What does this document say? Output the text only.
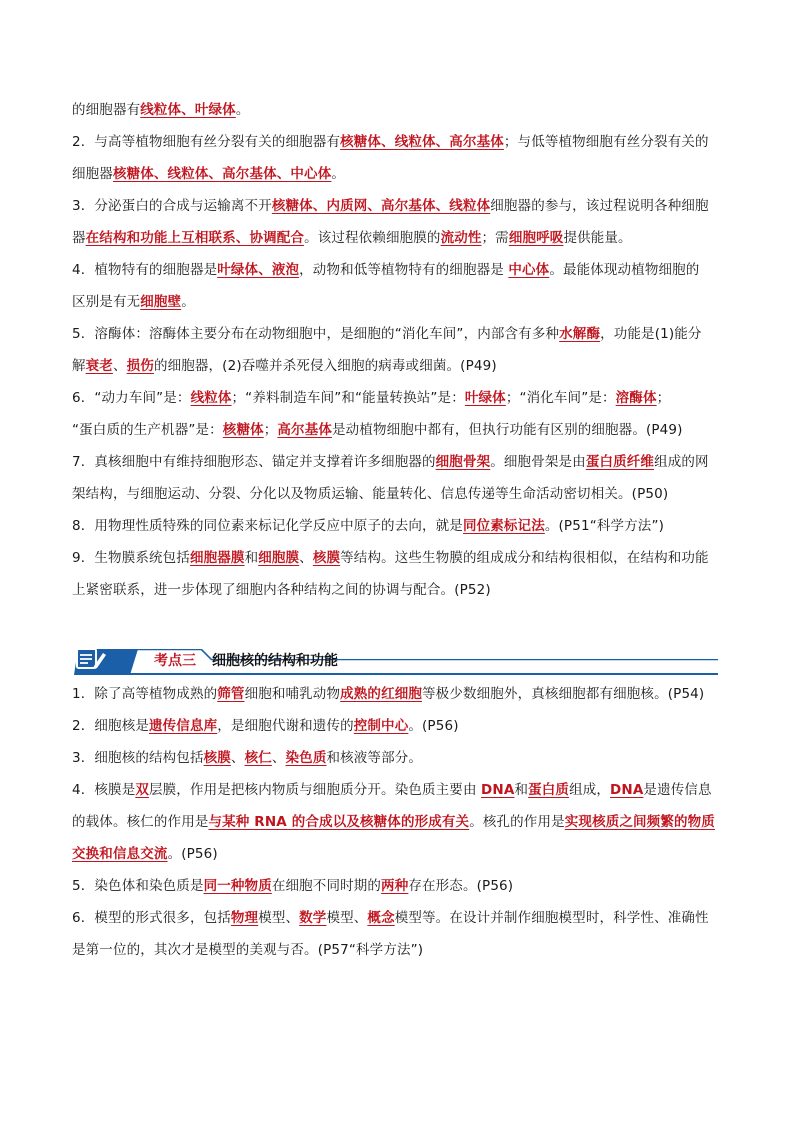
的细胞器有线粒体、叶绿体。
2．与高等植物细胞有丝分裂有关的细胞器有核糖体、线粒体、高尔基体；与低等植物细胞有丝分裂有关的
细胞器核糖体、线粒体、高尔基体、中心体。
3．分泌蛋白的合成与运输离不开核糖体、内质网、高尔基体、线粒体细胞器的参与，该过程说明各种细胞
器在结构和功能上互相联系、协调配合。该过程依赖细胞膜的流动性；需细胞呼吸提供能量。
4．植物特有的细胞器是叶绿体、液泡，动物和低等植物特有的细胞器是 中心体。最能体现动植物细胞的
区别是有无细胞壁。
5．溶酶体：溶酶体主要分布在动物细胞中，是细胞的“消化车间”，内部含有多种水解酶，功能是(1)能分
解衰老、损伤的细胞器，(2)吞噬并杀死侵入细胞的病毒或细菌。(P49)
6．“动力车间”是：线粒体；“养料制造车间”和“能量转换站”是：叶绿体；“消化车间”是：溶酶体；
“蛋白质的生产机器”是：核糖体；高尔基体是动植物细胞中都有，但执行功能有区别的细胞器。(P49)
7．真核细胞中有维持细胞形态、锚定并支撑着许多细胞器的细胞骨架。细胞骨架是由蛋白质纤维组成的网
架结构，与细胞运动、分裂、分化以及物质运输、能量转化、信息传递等生命活动密切相关。(P50)
8．用物理性质特殊的同位素来标记化学反应中原子的去向，就是同位素标记法。(P51“科学方法”)
9．生物膜系统包括细胞器膜和细胞膜、核膜等结构。这些生物膜的组成成分和结构很相似，在结构和功能
上紧密联系，进一步体现了细胞内各种结构之间的协调与配合。(P52)
考点三 细胞核的结构和功能
1．除了高等植物成熟的筛管细胞和哺乳动物成熟的红细胞等极少数细胞外，真核细胞都有细胞核。(P54)
2．细胞核是遗传信息库，是细胞代谢和遗传的控制中心。(P56)
3．细胞核的结构包括核膜、核仁、染色质和核液等部分。
4．核膜是双层膜，作用是把核内物质与细胞质分开。染色质主要由 DNA和蛋白质组成，DNA是遗传信息
的载体。核仁的作用是与某种 RNA 的合成以及核糖体的形成有关。核孔的作用是实现核质之间频繁的物质
交换和信息交流。(P56)
5．染色体和染色质是同一种物质在细胞不同时期的两种存在形态。(P56)
6．模型的形式很多，包括物理模型、数学模型、概念模型等。在设计并制作细胞模型时，科学性、准确性
是第一位的，其次才是模型的美观与否。(P57“科学方法”)
